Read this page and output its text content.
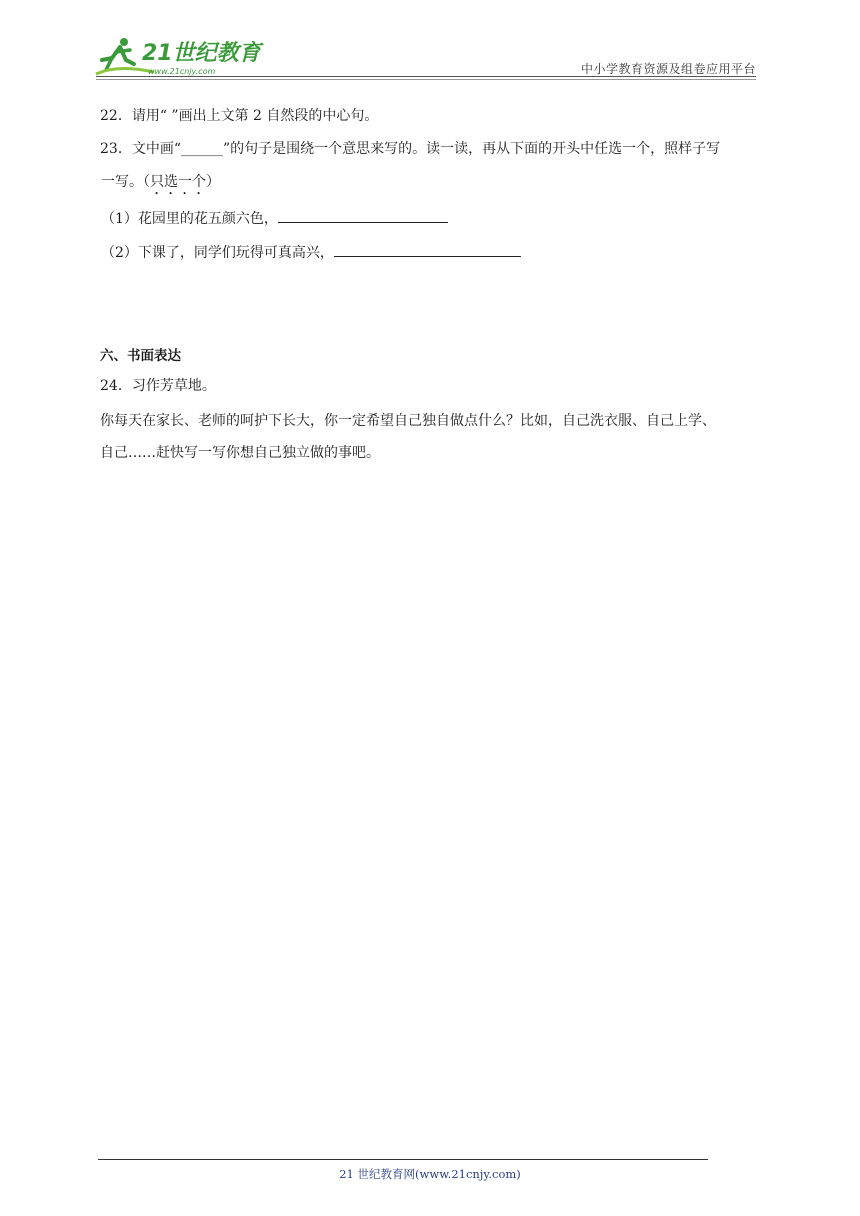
21世纪教育
www.21cnjy.com	中小学教育资源及组卷应用平台
22．请用“ ”画出上文第 2 自然段的中心句。
23．文中画“______”的句子是围绕一个意思来写的。读一读，再从下面的开头中任选一个，照样子写
一写。（只选一个）
（1）花园里的花五颜六色，
（2）下课了，同学们玩得可真高兴，
六、书面表达
24．习作芳草地。
你每天在家长、老师的呵护下长大，你一定希望自己独自做点什么？比如，自己洗衣服、自己上学、
自己……赶快写一写你想自己独立做的事吧。
21 世纪教育网(www.21cnjy.com)
